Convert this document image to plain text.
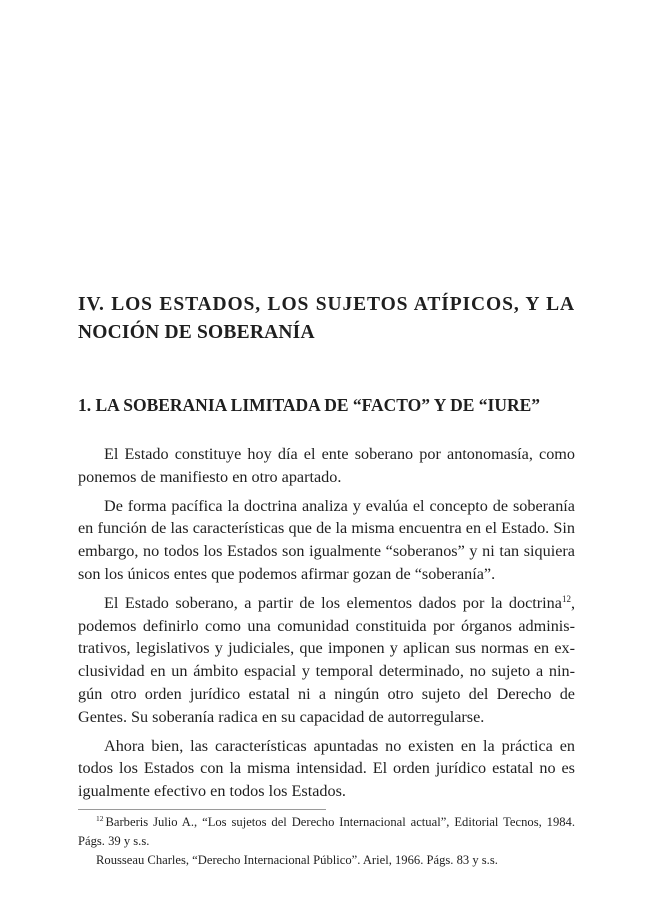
IV. LOS ESTADOS, LOS SUJETOS ATÍPICOS, Y LA
NOCIÓN DE SOBERANÍA
1. LA SOBERANIA LIMITADA DE “FACTO” Y DE “IURE”

El Estado constituye hoy día el ente soberano por antonomasía, como ponemos de manifiesto en otro apartado.

De forma pacífica la doctrina analiza y evalúa el concepto de soberanía en función de las características que de la misma encuentra en el Estado. Sin embargo, no todos los Estados son igualmente “soberanos” y ni tan siquiera son los únicos entes que podemos afirmar gozan de “soberanía”.

El Estado soberano, a partir de los elementos dados por la doctrina$^{12}$, podemos definirlo como una comunidad constituida por órganos administrativos, legislativos y judiciales, que imponen y aplican sus normas en exclusividad en un ámbito espacial y temporal determinado, no sujeto a ningún otro orden jurídico estatal ni a ningún otro sujeto del Derecho de Gentes. Su soberanía radica en su capacidad de autorregularse.

Ahora bien, las características apuntadas no existen en la práctica en todos los Estados con la misma intensidad. El orden jurídico estatal no es igualmente efectivo en todos los Estados.

$^{12}$ Barberis Julio A., “Los sujetos del Derecho Internacional actual”, Editorial Tecnos, 1984. Págs. 39 y s.s.

Rousseau Charles, “Derecho Internacional Público”. Ariel, 1966. Págs. 83 y s.s.
